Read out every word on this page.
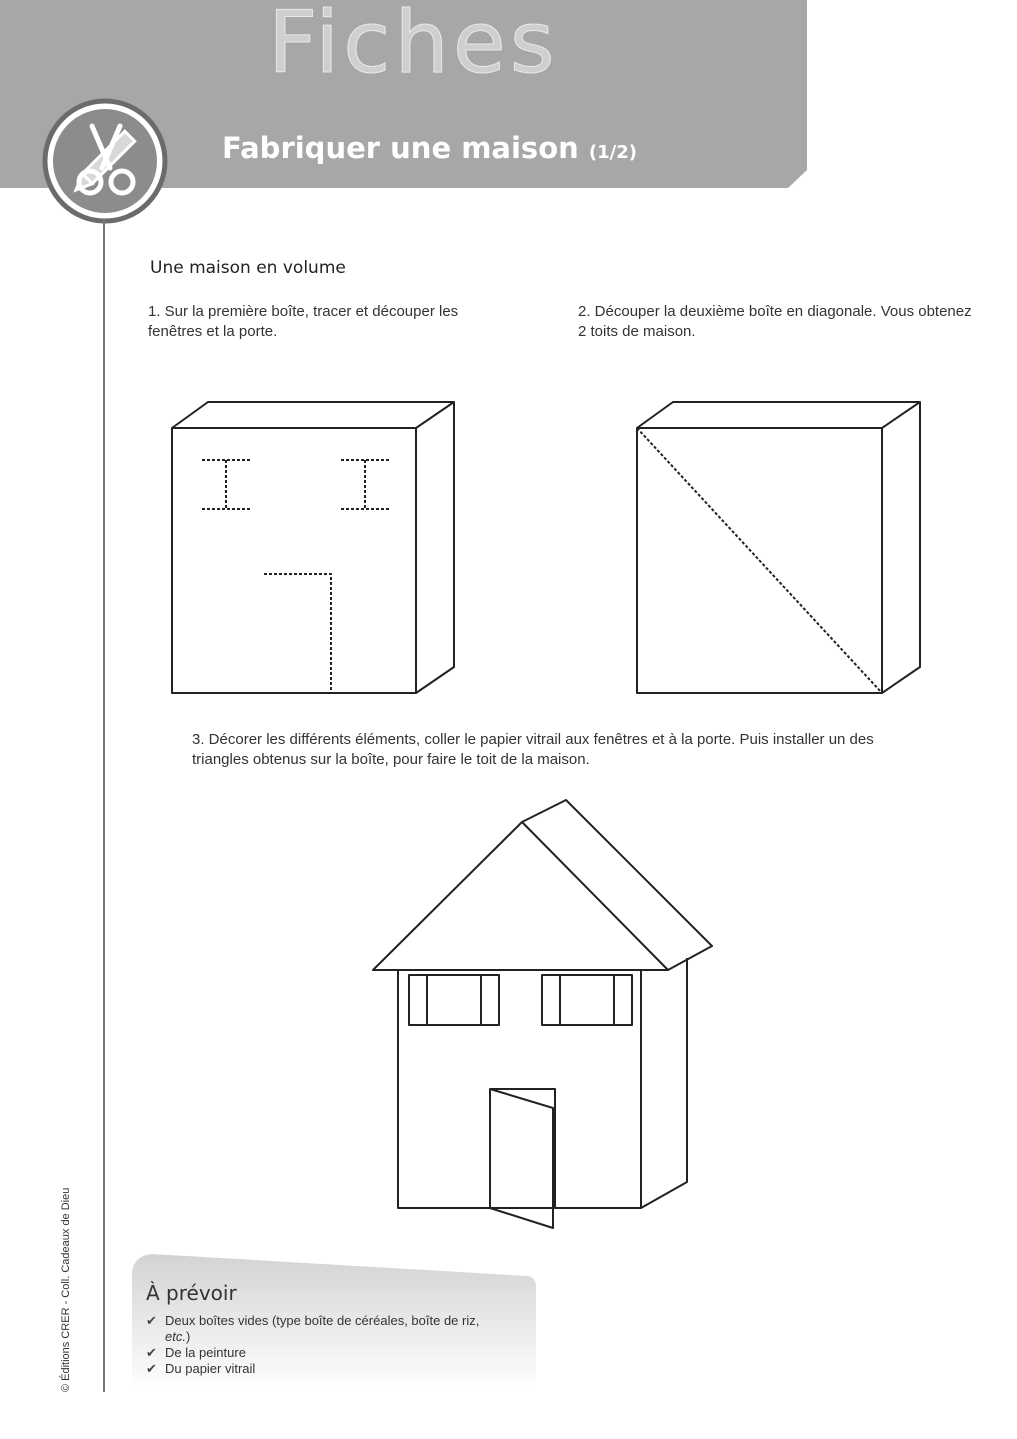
Fiches
Fabriquer une maison (1/2)
© Éditions CRER - Coll. Cadeaux de Dieu
Une maison en volume
1. Sur la première boîte, tracer et découper les fenêtres et la porte.
2. Découper la deuxième boîte en diagonale. Vous obtenez 2 toits de maison.
3. Décorer les différents éléments, coller le papier vitrail aux fenêtres et à la porte. Puis installer un des triangles obtenus sur la boîte, pour faire le toit de la maison.
À prévoir
✔ Deux boîtes vides (type boîte de céréales, boîte de riz, etc.)
✔ De la peinture
✔ Du papier vitrail
